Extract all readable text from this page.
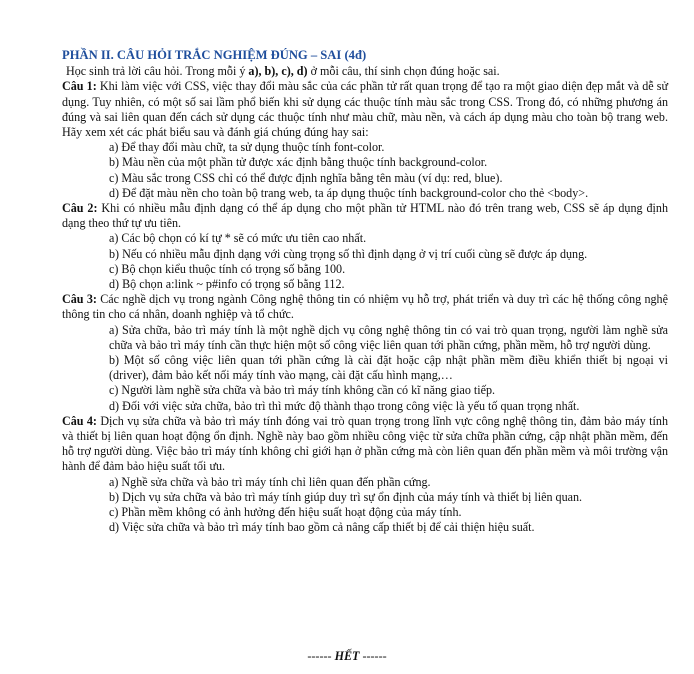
PHẦN II. CÂU HỎI TRẮC NGHIỆM ĐÚNG – SAI (4đ)

Học sinh trả lời câu hỏi. Trong mỗi ý a), b), c), d) ở mỗi câu, thí sinh chọn đúng hoặc sai.

Câu 1: Khi làm việc với CSS, việc thay đổi màu sắc của các phần tử rất quan trọng để tạo ra một giao diện đẹp mắt và dễ sử dụng. Tuy nhiên, có một số sai lầm phổ biến khi sử dụng các thuộc tính màu sắc trong CSS. Trong đó, có những phương án đúng và sai liên quan đến cách sử dụng các thuộc tính như màu chữ, màu nền, và cách áp dụng màu cho toàn bộ trang web. Hãy xem xét các phát biểu sau và đánh giá chúng đúng hay sai:

a) Để thay đổi màu chữ, ta sử dụng thuộc tính font-color.

b) Màu nền của một phần tử được xác định bằng thuộc tính background-color.

c) Màu sắc trong CSS chỉ có thể được định nghĩa bằng tên màu (ví dụ: red, blue).

d) Để đặt màu nền cho toàn bộ trang web, ta áp dụng thuộc tính background-color cho thẻ <body>.

Câu 2: Khi có nhiều mẫu định dạng có thể áp dụng cho một phần tử HTML nào đó trên trang web, CSS sẽ áp dụng định dạng theo thứ tự ưu tiên.

a) Các bộ chọn có kí tự * sẽ có mức ưu tiên cao nhất.

b) Nếu có nhiều mẫu định dạng với cùng trọng số thì định dạng ở vị trí cuối cùng sẽ được áp dụng.

c) Bộ chọn kiểu thuộc tính có trọng số bằng 100.

d) Bộ chọn a:link ~ p#info có trọng số bằng 112.

Câu 3: Các nghề dịch vụ trong ngành Công nghệ thông tin có nhiệm vụ hỗ trợ, phát triển và duy trì các hệ thống công nghệ thông tin cho cá nhân, doanh nghiệp và tổ chức.

a) Sửa chữa, bảo trì máy tính là một nghề dịch vụ công nghệ thông tin có vai trò quan trọng, người làm nghề sửa chữa và bảo trì máy tính cần thực hiện một số công việc liên quan tới phần cứng, phần mềm, hỗ trợ người dùng.

b) Một số công việc liên quan tới phần cứng là cài đặt hoặc cập nhật phần mềm điều khiển thiết bị ngoại vi (driver), đảm bảo kết nối máy tính vào mạng, cài đặt cấu hình mạng,…

c) Người làm nghề sửa chữa và bảo trì máy tính không cần có kĩ năng giao tiếp.

d) Đối với việc sửa chữa, bảo trì thì mức độ thành thạo trong công việc là yếu tố quan trọng nhất.

Câu 4: Dịch vụ sửa chữa và bảo trì máy tính đóng vai trò quan trọng trong lĩnh vực công nghệ thông tin, đảm bảo máy tính và thiết bị liên quan hoạt động ổn định. Nghề này bao gồm nhiều công việc từ sửa chữa phần cứng, cập nhật phần mềm, đến hỗ trợ người dùng. Việc bảo trì máy tính không chỉ giới hạn ở phần cứng mà còn liên quan đến phần mềm và môi trường vận hành để đảm bảo hiệu suất tối ưu.

a) Nghề sửa chữa và bảo trì máy tính chỉ liên quan đến phần cứng.

b) Dịch vụ sửa chữa và bảo trì máy tính giúp duy trì sự ổn định của máy tính và thiết bị liên quan.

c) Phần mềm không có ảnh hưởng đến hiệu suất hoạt động của máy tính.

d) Việc sửa chữa và bảo trì máy tính bao gồm cả nâng cấp thiết bị để cải thiện hiệu suất.

------ HẾT ------
